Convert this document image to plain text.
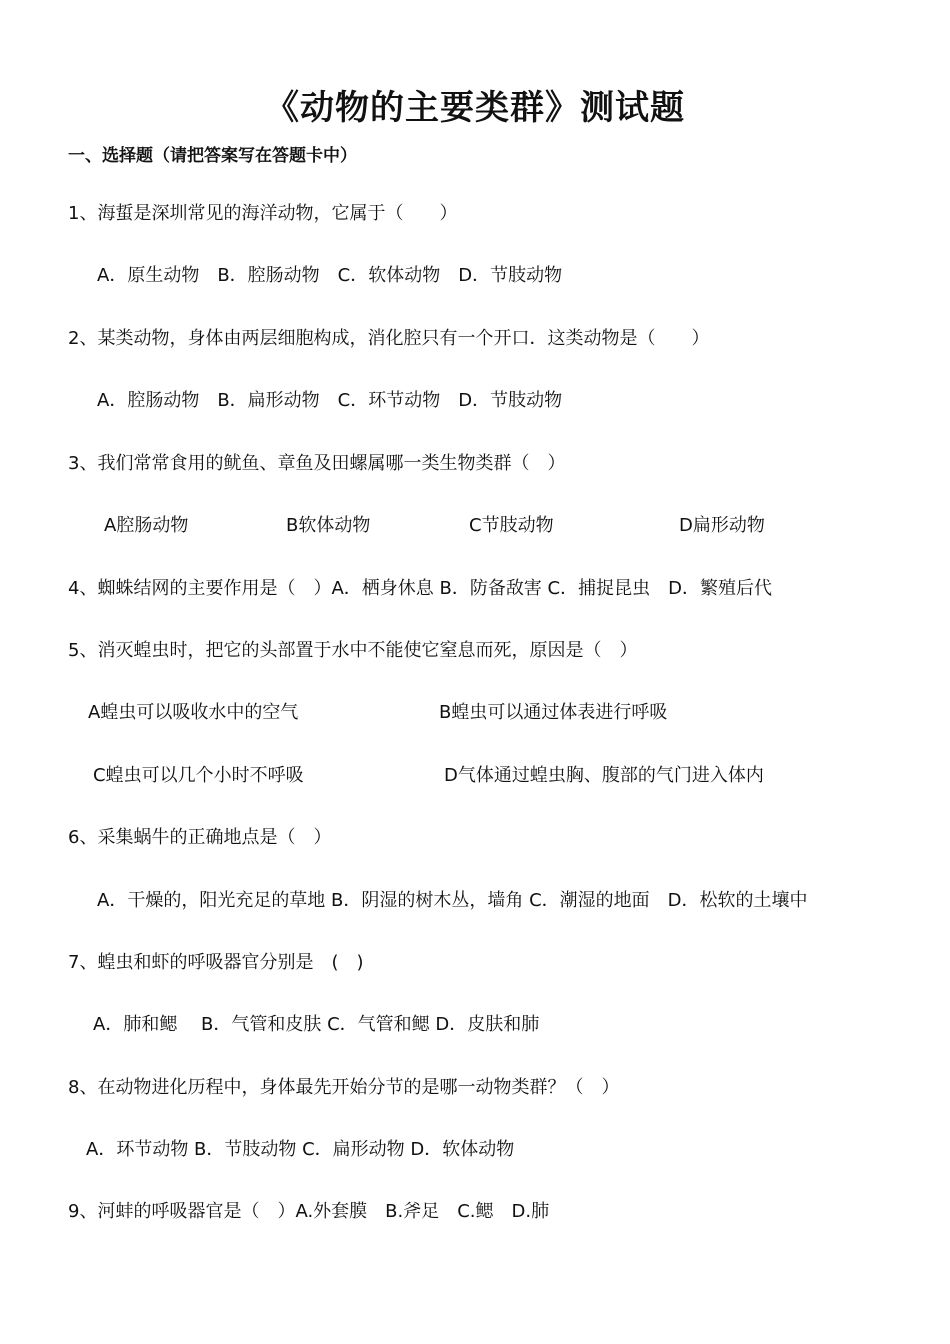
《动物的主要类群》测试题
一、选择题（请把答案写在答题卡中）
1、海蜇是深圳常见的海洋动物，它属于（　　）
A．原生动物　B．腔肠动物　C．软体动物　D．节肢动物
2、某类动物，身体由两层细胞构成，消化腔只有一个开口．这类动物是（　　）
A．腔肠动物　B．扁形动物　C．环节动物　D．节肢动物
3、我们常常食用的鱿鱼、章鱼及田螺属哪一类生物类群（　）
A腔肠动物	B软体动物	C节肢动物	D扁形动物
4、蜘蛛结网的主要作用是（　）A．栖身休息 B．防备敌害 C．捕捉昆虫　D．繁殖后代
5、消灭蝗虫时，把它的头部置于水中不能使它窒息而死，原因是（　）
A蝗虫可以吸收水中的空气	B蝗虫可以通过体表进行呼吸
C蝗虫可以几个小时不呼吸	D气体通过蝗虫胸、腹部的气门进入体内
6、采集蜗牛的正确地点是（　）
A．干燥的，阳光充足的草地 B．阴湿的树木丛，墙角 C．潮湿的地面　D．松软的土壤中
7、蝗虫和虾的呼吸器官分别是　(　)
A．肺和鳃　 B．气管和皮肤 C．气管和鳃 D．皮肤和肺
8、在动物进化历程中，身体最先开始分节的是哪一动物类群？（　）
A．环节动物 B．节肢动物 C．扁形动物 D．软体动物
9、河蚌的呼吸器官是（　）A.外套膜　B.斧足　C.鳃　D.肺
